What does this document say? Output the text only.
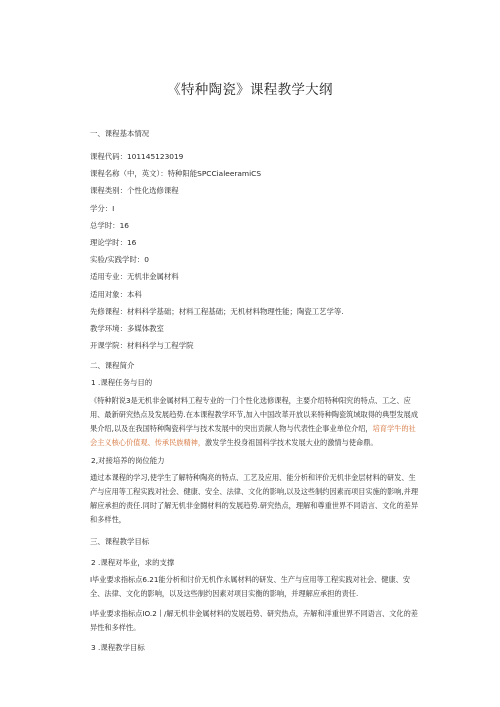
《特种陶瓷》课程教学大纲
一、课程基本情况
课程代码：101145123019
课程名称（中，英文）：特种阳能SPCCialeeramiCS
课程类别：个性化选修课程
学分：I
总学时：16
理论学时：16
实验/实践学时：0
适用专业：无机非金属材料
适用对象：本科
先修课程：材料科学基础；材料工程基础；无机材料物理性能；陶瓷工艺学等.
教学环境：多媒体教室
开课学院：材料科学与工程学院
二、课程简介
1 .课程任务与目的
《特种附说3是无机非金属材料工程专业的一门个性化选修课程，主要介绍特种阳究的特点、工之、应用、最新研究热点及发展趋势.在本课程教学环节,加入中国改革开放以来特种陶瓷筑域取得的典型发展成果介绍,以及在我国特种陶瓷科学与技术发展中的突出贡献人物与代表性企事业单位介绍，培育学牛的社会主义核心价值观、传承民族精神，激发学生投身祖国科学技术发展大业的激情与使命鼎。
2,对接培养的岗位能力
通过本课程的学习,使学生了解特种陶亮的特点、工艺及应用、能分析和评价无机非金层材料的研发、生产与应用等工程实践对社会、健康、安全、法律、文化的影响,以及这些制约因素而项目实施的影响,并理解应承担的责任.同时了解无机非金闘材料的发展趋势.研究热点，理解和尊重世界不同语言、文化的差异和多样性，
三、课程教学目标
2 .课程对毕业，求的支撑
I毕业要求指标点6.21能分析和讨价无机作永属材料的研发、生产与应用等工程实践对社会、健康、安全、法律、文化的影响，以及这些制约因素对项目实衡的影响，并理解应承担的责任.
I毕业要求指标点IO.2丨/解无机非金属材料的发展趋势、研究热点，卉解和洋重世界不同语言、文化的差异性和多样性。
3 .课程教学目标
